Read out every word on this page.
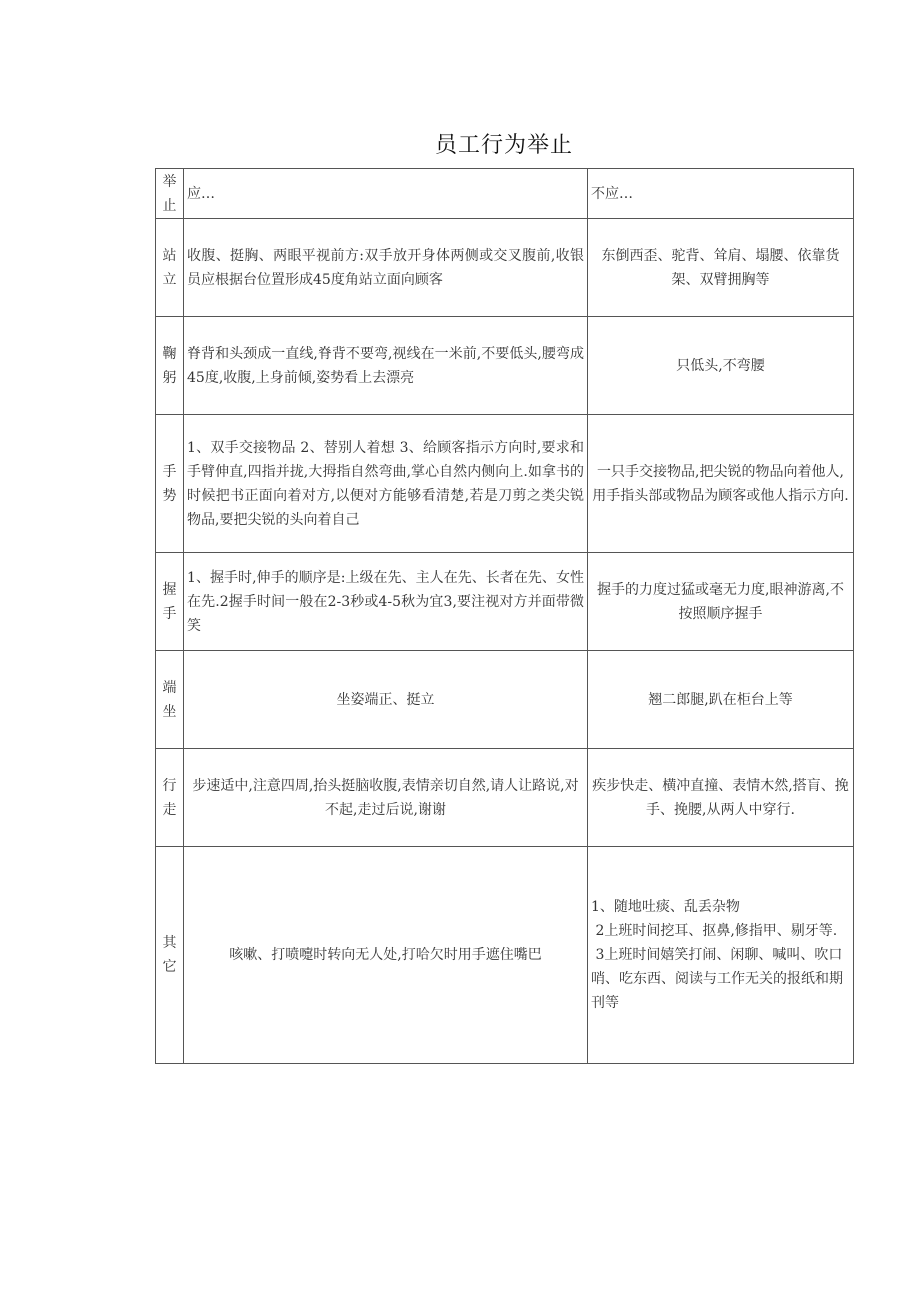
员工行为举止
举止	应…	不应…
站立	收腹、挺胸、两眼平视前方:双手放开身体两侧或交叉腹前,收银员应根据台位置形成45度角站立面向顾客	东倒西歪、驼背、耸肩、塌腰、依靠货架、双臂拥胸等
鞠躬	脊背和头颈成一直线,脊背不要弯,视线在一米前,不要低头,腰弯成45度,收腹,上身前倾,姿势看上去漂亮	只低头,不弯腰
手势	1、双手交接物品 2、替别人着想 3、给顾客指示方向时,要求和手臂伸直,四指并拢,大拇指自然弯曲,掌心自然内侧向上.如拿书的时候把书正面向着对方,以便对方能够看清楚,若是刀剪之类尖锐物品,要把尖锐的头向着自己	一只手交接物品,把尖锐的物品向着他人,用手指头部或物品为顾客或他人指示方向.
握手	1、握手时,伸手的顺序是:上级在先、主人在先、长者在先、女性在先.2握手时间一般在2-3秒或4-5秋为宜3,要注视对方并面带微笑	握手的力度过猛或毫无力度,眼神游离,不按照顺序握手
端坐	坐姿端正、挺立	翘二郎腿,趴在柜台上等
行走	步速适中,注意四周,抬头挺脑收腹,表情亲切自然,请人让路说,对不起,走过后说,谢谢	疾步快走、横冲直撞、表情木然,搭肓、挽手、挽腰,从两人中穿行.
其它	咳嗽、打喷嚏时转向无人处,打哈欠时用手遮住嘴巴	1、随地吐痰、乱丢杂物
2上班时间挖耳、抠鼻,修指甲、剔牙等.
3上班时间嬉笑打闹、闲聊、喊叫、吹口哨、吃东西、阅读与工作无关的报纸和期刊等
